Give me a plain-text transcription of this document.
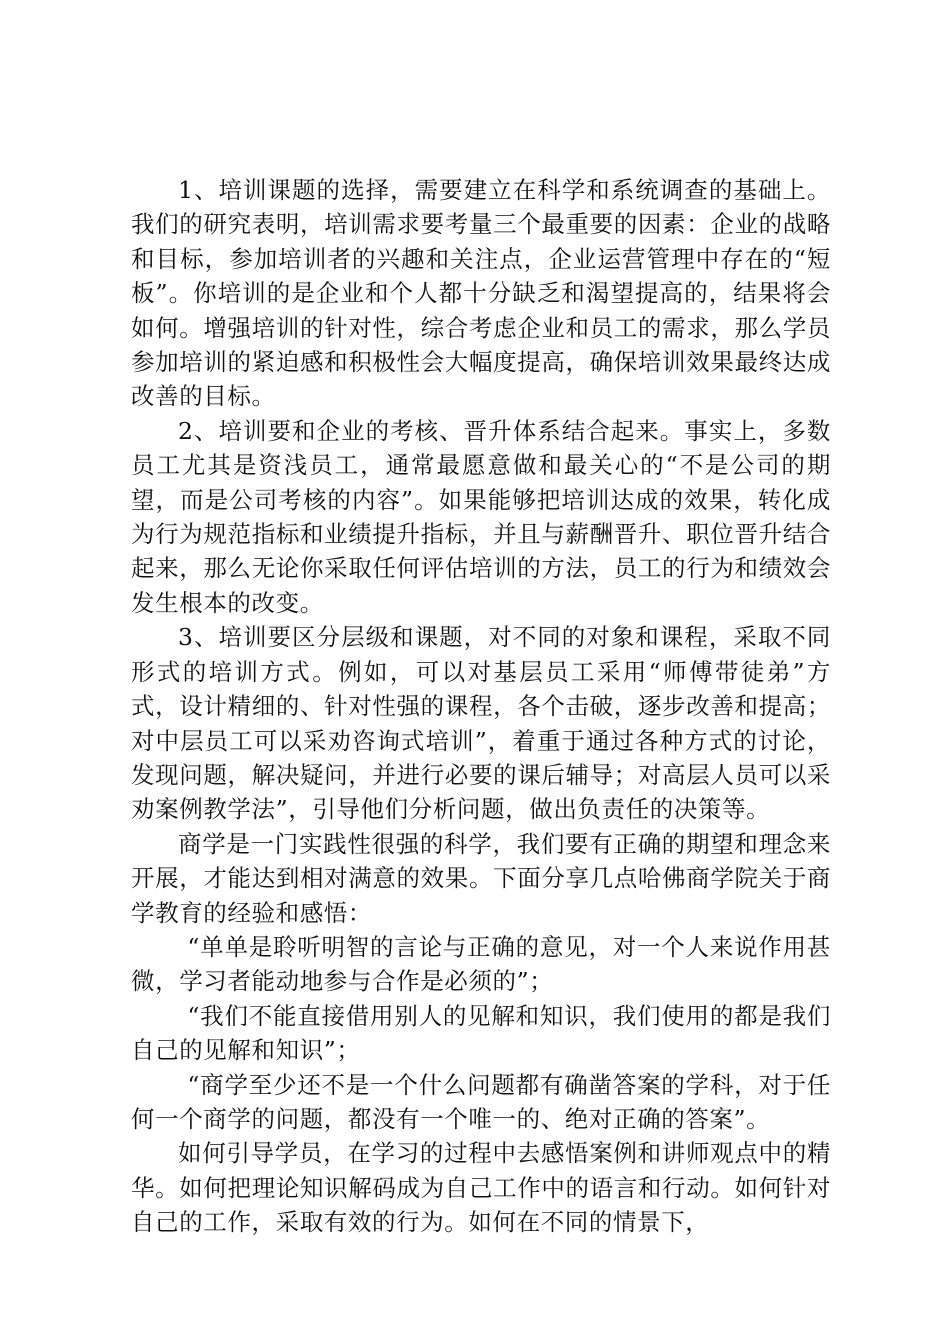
1、培训课题的选择，需要建立在科学和系统调查的基础上。我们的研究表明，培训需求要考量三个最重要的因素：企业的战略和目标，参加培训者的兴趣和关注点，企业运营管理中存在的“短板”。你培训的是企业和个人都十分缺乏和渴望提高的，结果将会如何。增强培训的针对性，综合考虑企业和员工的需求，那么学员参加培训的紧迫感和积极性会大幅度提高，确保培训效果最终达成改善的目标。

2、培训要和企业的考核、晋升体系结合起来。事实上，多数员工尤其是资浅员工，通常最愿意做和最关心的“不是公司的期望，而是公司考核的内容”。如果能够把培训达成的效果，转化成为行为规范指标和业绩提升指标，并且与薪酬晋升、职位晋升结合起来，那么无论你采取任何评估培训的方法，员工的行为和绩效会发生根本的改变。

3、培训要区分层级和课题，对不同的对象和课程，采取不同形式的培训方式。例如，可以对基层员工采用“师傅带徒弟”方式，设计精细的、针对性强的课程，各个击破，逐步改善和提高；对中层员工可以采劝咨询式培训”，着重于通过各种方式的讨论，发现问题，解决疑问，并进行必要的课后辅导；对高层人员可以采劝案例教学法”，引导他们分析问题，做出负责任的决策等。

商学是一门实践性很强的科学，我们要有正确的期望和理念来开展，才能达到相对满意的效果。下面分享几点哈佛商学院关于商学教育的经验和感悟：

“单单是聆听明智的言论与正确的意见，对一个人来说作用甚微，学习者能动地参与合作是必须的”；

“我们不能直接借用别人的见解和知识，我们使用的都是我们自己的见解和知识”；

“商学至少还不是一个什么问题都有确凿答案的学科，对于任何一个商学的问题，都没有一个唯一的、绝对正确的答案”。

如何引导学员，在学习的过程中去感悟案例和讲师观点中的精华。如何把理论知识解码成为自己工作中的语言和行动。如何针对自己的工作，采取有效的行为。如何在不同的情景下，
